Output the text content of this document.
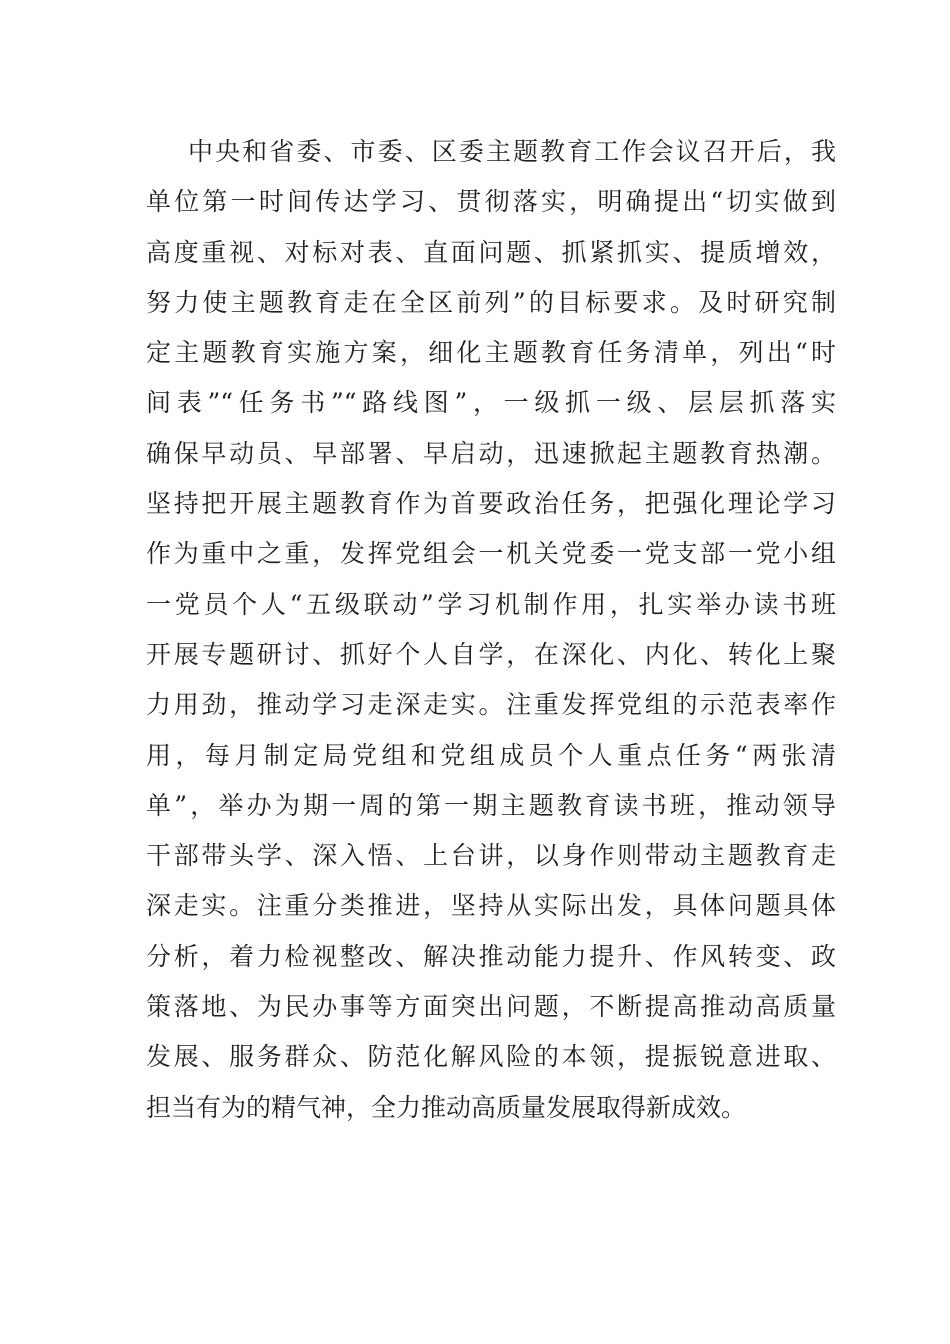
中央和省委、市委、区委主题教育工作会议召开后，我
单位第一时间传达学习、贯彻落实，明确提出“切实做到
高度重视、对标对表、直面问题、抓紧抓实、提质增效，
努力使主题教育走在全区前列”的目标要求。及时研究制
定主题教育实施方案，细化主题教育任务清单，列出“时
间表”“任务书”“路线图”，一级抓一级、层层抓落实
确保早动员、早部署、早启动，迅速掀起主题教育热潮。
坚持把开展主题教育作为首要政治任务，把强化理论学习
作为重中之重，发挥党组会一机关党委一党支部一党小组
一党员个人“五级联动”学习机制作用，扎实举办读书班
开展专题研讨、抓好个人自学，在深化、内化、转化上聚
力用劲，推动学习走深走实。注重发挥党组的示范表率作
用，每月制定局党组和党组成员个人重点任务“两张清
单”，举办为期一周的第一期主题教育读书班，推动领导
干部带头学、深入悟、上台讲，以身作则带动主题教育走
深走实。注重分类推进，坚持从实际出发，具体问题具体
分析，着力检视整改、解决推动能力提升、作风转变、政
策落地、为民办事等方面突出问题，不断提高推动高质量
发展、服务群众、防范化解风险的本领，提振锐意进取、
担当有为的精气神，全力推动高质量发展取得新成效。
